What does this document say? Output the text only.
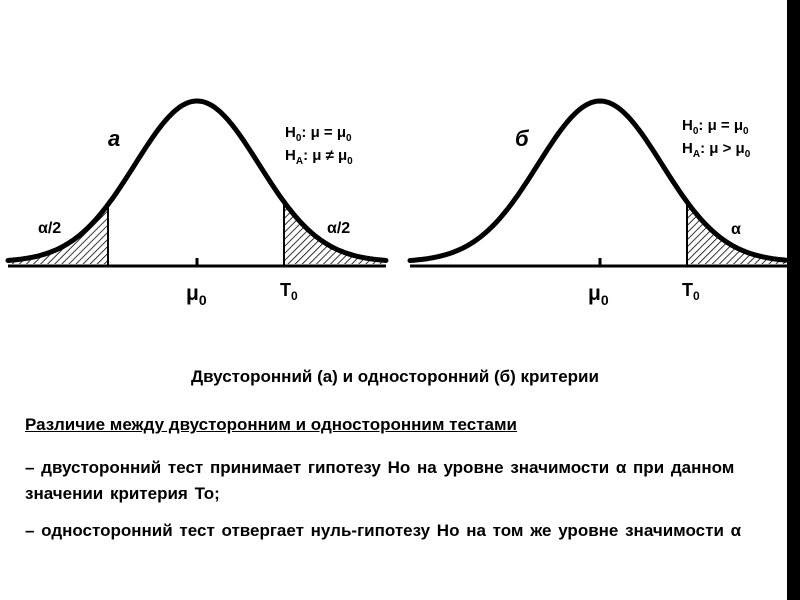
а	$H_0$: $\mu = \mu_0$
$H_A$: $\mu \ne \mu_0$
α/2	α/2
$\mu_0$	$T_0$
б
$H_0$: $\mu = \mu_0$
$H_A$: $\mu > \mu_0$
α
$\mu_0$	$T_0$
Двусторонний (а) и односторонний (б) критерии
Различие между двусторонним и односторонним тестами
– двусторонний тест принимает гипотезу Ho на уровне значимости α при данном значении критерия To;
– односторонний тест отвергает нуль-гипотезу Ho на том же уровне значимости α
